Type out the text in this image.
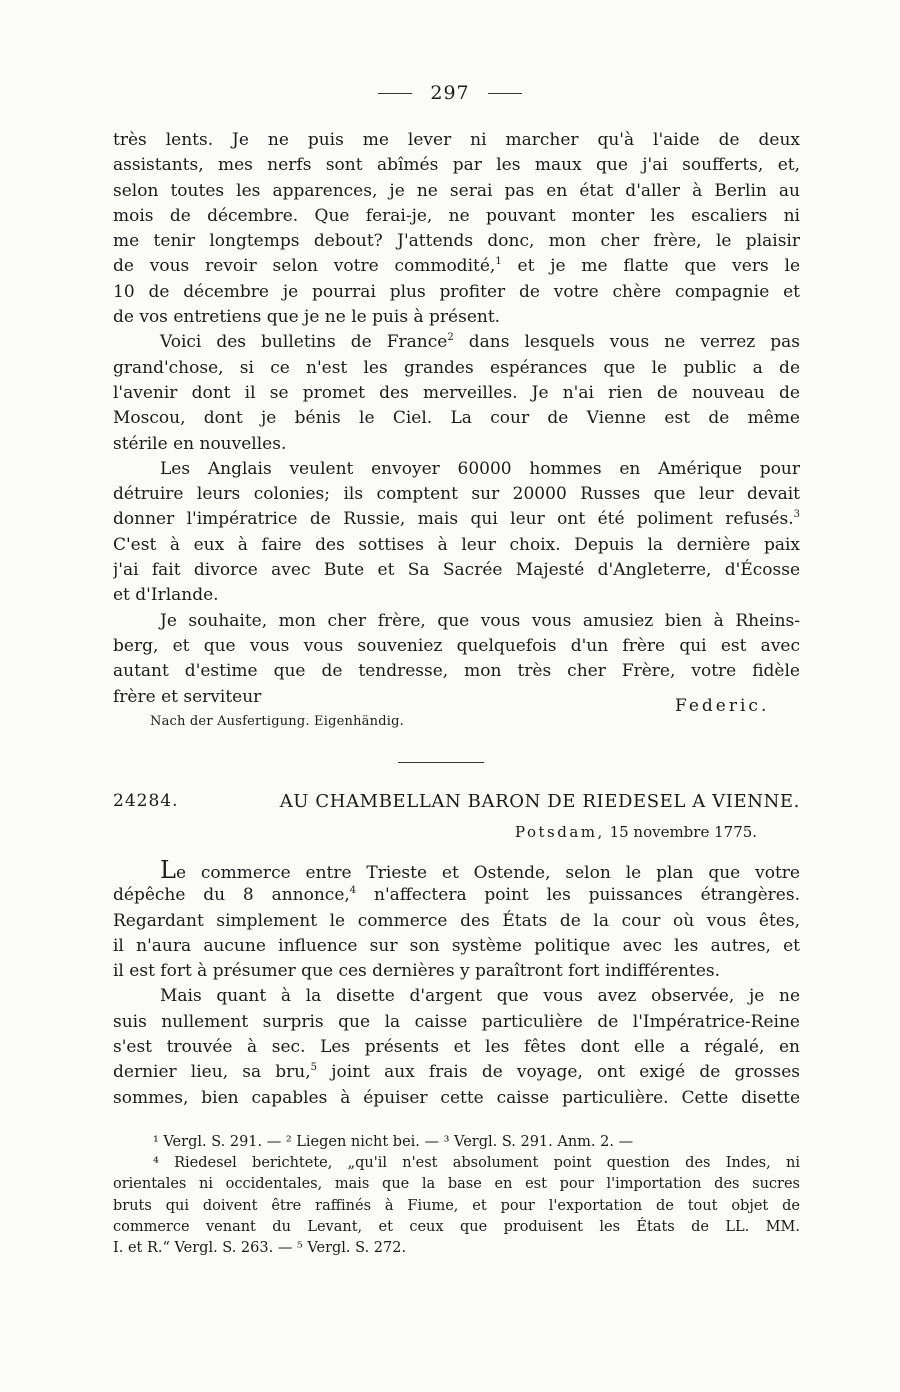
297
très lents. Je ne puis me lever ni marcher qu'à l'aide de deux
assistants, mes nerfs sont abîmés par les maux que j'ai soufferts, et,
selon toutes les apparences, je ne serai pas en état d'aller à Berlin au
mois de décembre. Que ferai-je, ne pouvant monter les escaliers ni
me tenir longtemps debout? J'attends donc, mon cher frère, le plaisir
de vous revoir selon votre commodité,$^1$ et je me flatte que vers le
10 de décembre je pourrai plus profiter de votre chère compagnie et
de vos entretiens que je ne le puis à présent.
Voici des bulletins de France$^2$ dans lesquels vous ne verrez pas
grand'chose, si ce n'est les grandes espérances que le public a de
l'avenir dont il se promet des merveilles. Je n'ai rien de nouveau de
Moscou, dont je bénis le Ciel. La cour de Vienne est de même
stérile en nouvelles.
Les Anglais veulent envoyer 60000 hommes en Amérique pour
détruire leurs colonies; ils comptent sur 20000 Russes que leur devait
donner l'impératrice de Russie, mais qui leur ont été poliment refusés.$^3$
C'est à eux à faire des sottises à leur choix. Depuis la dernière paix
j'ai fait divorce avec Bute et Sa Sacrée Majesté d'Angleterre, d'Écosse
et d'Irlande.
Je souhaite, mon cher frère, que vous vous amusiez bien à Rheins-
berg, et que vous vous souveniez quelquefois d'un frère qui est avec
autant d'estime que de tendresse, mon très cher Frère, votre fidèle
frère et serviteur	Federic.
Nach der Ausfertigung. Eigenhändig.
24284.	AU CHAMBELLAN BARON DE RIEDESEL A VIENNE.
Potsdam, 15 novembre 1775.
Le commerce entre Trieste et Ostende, selon le plan que votre
dépêche du 8 annonce,$^4$ n'affectera point les puissances étrangères.
Regardant simplement le commerce des États de la cour où vous êtes,
il n'aura aucune influence sur son système politique avec les autres, et
il est fort à présumer que ces dernières y paraîtront fort indifférentes.
Mais quant à la disette d'argent que vous avez observée, je ne
suis nullement surpris que la caisse particulière de l'Impératrice-Reine
s'est trouvée à sec. Les présents et les fêtes dont elle a régalé, en
dernier lieu, sa bru,$^5$ joint aux frais de voyage, ont exigé de grosses
sommes, bien capables à épuiser cette caisse particulière. Cette disette
¹ Vergl. S. 291. — ² Liegen nicht bei. — ³ Vergl. S. 291. Anm. 2. —
⁴ Riedesel berichtete, „qu'il n'est absolument point question des Indes, ni
orientales ni occidentales, mais que la base en est pour l'importation des sucres
bruts qui doivent être raffinés à Fiume, et pour l'exportation de tout objet de
commerce venant du Levant, et ceux que produisent les États de LL. MM.
I. et R.“ Vergl. S. 263. — ⁵ Vergl. S. 272.
